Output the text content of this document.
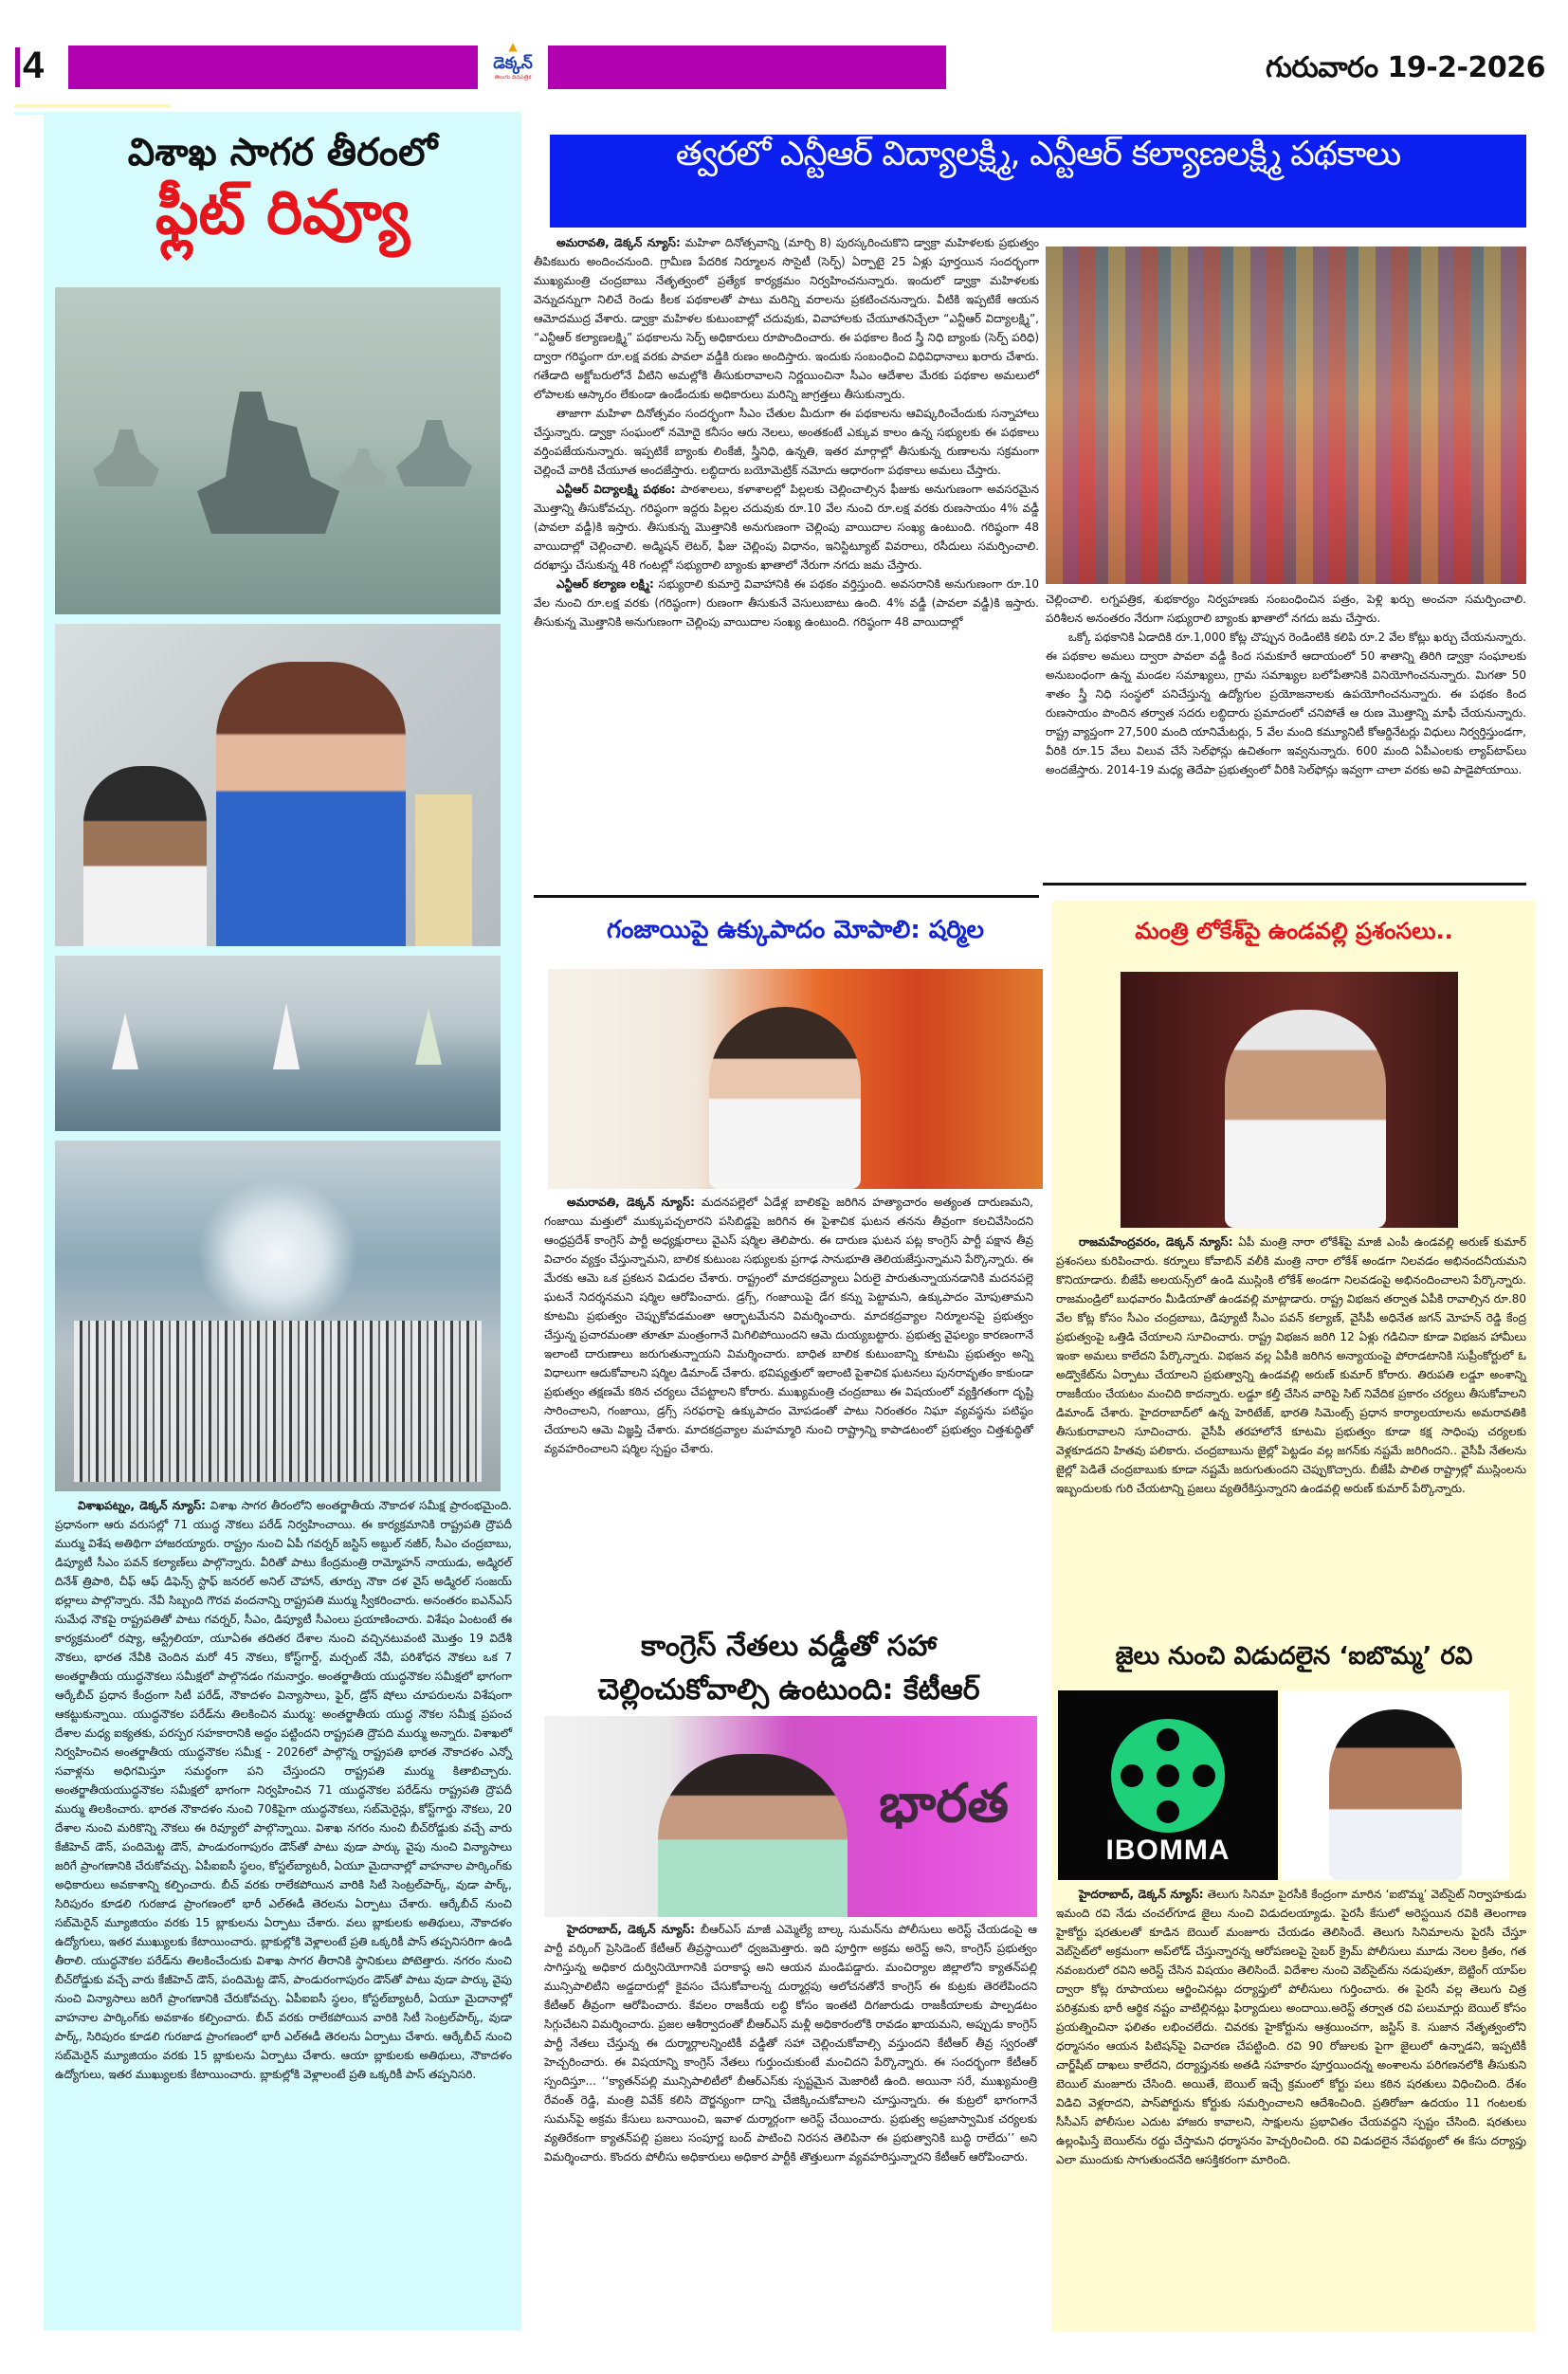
4	▲
డెక్కన్
తెలుగు దినపత్రిక	గురువారం 19-2-2026
విశాఖ సాగర తీరంలో
ఫ్లీట్ రివ్యూ
విశాఖపట్నం, డెక్కన్ న్యూస్: విశాఖ సాగర తీరంలోని అంతర్జాతీయ నౌకాదళ సమీక్ష ప్రారంభమైంది. ప్రధానంగా ఆరు వరుసల్లో 71 యుద్ధ నౌకలు పరేడ్ నిర్వహించాయి. ఈ కార్యక్రమానికి రాష్ట్రపతి ద్రౌపదీ ముర్ము విశేష అతిథిగా హాజరయ్యారు. రాష్ట్రం నుంచి ఏపీ గవర్నర్ జస్టిస్ అబ్దుల్ నజీర్, సీఎం చంద్రబాబు, డిప్యూటీ సీఎం పవన్ కల్యాణ్‌లు పాల్గొన్నారు. వీరితో పాటు కేంద్రమంత్రి రామ్మోహన్ నాయుడు, అడ్మిరల్ దినేశ్ త్రిపాఠి, చీఫ్ ఆఫ్ డిఫెన్స్ స్టాఫ్ జనరల్ అనిల్ చౌహాన్, తూర్పు నౌకా దళ వైస్ అడ్మిరల్ సంజయ్ భల్లాలు పాల్గొన్నారు. నేవీ సిబ్బంది గౌరవ వందనాన్ని రాష్ట్రపతి ముర్ము స్వీకరించారు. అనంతరం ఐఎన్ఎస్ సుమేధ నౌకపై రాష్ట్రపతితో పాటు గవర్నర్, సీఎం, డిప్యూటీ సీఎంలు ప్రయాణించారు. విశేషం ఏంటంటే ఈ కార్యక్రమంలో రష్యా, ఆస్ట్రేలియా, యూఏఈ తదితర దేశాల నుంచి వచ్చినటువంటి మొత్తం 19 విదేశీ నౌకలు, భారత నేవీకి చెందిన మరో 45 నౌకలు, కోస్ట్‌గార్డ్, మర్చంట్ నేవీ, పరిశోధన నౌకలు ఒక 7 అంతర్జాతీయ యుద్ధనౌకలు సమీక్షలో పాల్గొనడం గమనార్హం. అంతర్జాతీయ యుద్ధనౌకల సమీక్షలో భాగంగా ఆర్కేబీచ్ ప్రధాన కేంద్రంగా సిటీ పరేడ్, నౌకాదళం విన్యాసాలు, ఫైర్, డ్రోన్ షోలు చూపరులను విశేషంగా ఆకట్టుకున్నాయి. యుద్ధనౌకల పరేడ్‌ను తిలకించిన ముర్ము: అంతర్జాతీయ యుద్ధ నౌకల సమీక్ష ప్రపంచ దేశాల మధ్య ఐక్యతకు, పరస్పర సహకారానికి అద్దం పట్టిందని రాష్ట్రపతి ద్రౌపది ముర్ము అన్నారు. విశాఖలో నిర్వహించిన అంతర్జాతీయ యుద్ధనౌకల సమీక్ష - 2026లో పాల్గొన్న రాష్ట్రపతి భారత నౌకాదళం ఎన్నో సవాళ్లను అధిగమిస్తూ సమర్థంగా పని చేస్తుందని రాష్ట్రపతి ముర్ము కితాబిచ్చారు. అంతర్జాతీయయుద్ధనౌకల సమీక్షలో భాగంగా నిర్వహించిన 71 యుద్ధనౌకల పరేడ్‌ను రాష్ట్రపతి ద్రౌపదీ ముర్ము తిలకించారు. భారత నౌకాదళం నుంచి 70కిపైగా యుద్ధనౌకలు, సబ్‌మెరైన్లు, కోస్ట్‌గార్డు నౌకలు, 20 దేశాల నుంచి మరికొన్ని నౌకలు ఈ రివ్యూలో పాల్గొన్నాయి. విశాఖ నగరం నుంచి బీచ్‌రోడ్డుకు వచ్చే వారు కేజీహెచ్ డౌన్, పందిమెట్ట డౌన్, పాండురంగాపురం డౌన్‌తో పాటు వుడా పార్కు వైపు నుంచి విన్యాసాలు జరిగే ప్రాంగణానికి చేరుకోవచ్చు. ఏపీఐఐసీ స్థలం, కోస్టల్‌బ్యాటరీ, ఏయూ మైదానాల్లో వాహనాల పార్కింగ్‌కు అధికారులు అవకాశాన్ని కల్పించారు. బీచ్ వరకు రాలేకపోయిన వారికి సిటీ సెంట్రల్‌పార్క్, వుడా పార్క్, సిరిపురం కూడలి గురజాడ ప్రాంగణంలో భారీ ఎల్ఈడీ తెరలను ఏర్పాటు చేశారు. ఆర్కేబీచ్ నుంచి సబ్‌మెరైన్ మ్యూజియం వరకు 15 బ్లాకులను ఏర్పాటు చేశారు. వలు బ్లాకులకు అతిథులు, నౌకాదళం ఉద్యోగులు, ఇతర ముఖ్యులకు కేటాయించారు. బ్లాకుల్లోకి వెళ్లాలంటే ప్రతి ఒక్కరికీ పాస్ తప్పనిసరిగా ఉండి తీరాలి. యుద్ధనౌకల పరేడ్‌ను తిలకించేందుకు విశాఖ సాగర తీరానికి స్థానికులు పోటెత్తారు. నగరం నుంచి బీచ్‌రోడ్డుకు వచ్చే వారు కేజీహెచ్ డౌన్, పందిమెట్ట డౌన్, పాండురంగాపురం డౌన్‌తో పాటు వుడా పార్కు వైపు నుంచి విన్యాసాలు జరిగే ప్రాంగణానికి చేరుకోవచ్చు. ఏపీఐఐసీ స్థలం, కోస్టల్‌బ్యాటరీ, ఏయూ మైదానాల్లో వాహనాల పార్కింగ్‌కు అవకాశం కల్పించారు. బీచ్ వరకు రాలేకపోయిన వారికి సిటీ సెంట్రల్‌పార్క్, వుడా పార్క్, సిరిపురం కూడలి గురజాడ ప్రాంగణంలో భారీ ఎల్ఈడీ తెరలను ఏర్పాటు చేశారు. ఆర్కేబీచ్ నుంచి సబ్‌మెరైన్ మ్యూజియం వరకు 15 బ్లాకులను ఏర్పాటు చేశారు. ఆయా బ్లాకులకు అతిథులు, నౌకాదళం ఉద్యోగులు, ఇతర ముఖ్యులకు కేటాయించారు. బ్లాకుల్లోకి వెళ్లాలంటే ప్రతి ఒక్కరికీ పాస్ తప్పనిసరి.
త్వరలో ఎన్టీఆర్ విద్యాలక్ష్మి, ఎన్టీఆర్ కల్యాణలక్ష్మి పథకాలు

అమరావతి, డెక్కన్ న్యూస్: మహిళా దినోత్సవాన్ని (మార్చి 8) పురస్కరించుకొని డ్వాక్రా మహిళలకు ప్రభుత్వం తీపికబురు అందించనుంది. గ్రామీణ పేదరిక నిర్మూలన సొసైటీ (సెర్ప్) ఏర్పాటై 25 ఏళ్లు పూర్తయిన సందర్భంగా ముఖ్యమంత్రి చంద్రబాబు నేతృత్వంలో ప్రత్యేక కార్యక్రమం నిర్వహించనున్నారు. ఇందులో డ్వాక్రా మహిళలకు వెన్నుదన్నుగా నిలిచే రెండు కీలక పథకాలతో పాటు మరిన్ని వరాలను ప్రకటించనున్నారు. వీటికి ఇప్పటికే ఆయన ఆమోదముద్ర వేశారు. డ్వాక్రా మహిళల కుటుంబాల్లో చదువుకు, వివాహాలకు చేయూతనిచ్చేలా “ఎన్టీఆర్ విద్యాలక్ష్మి”, “ఎన్టీఆర్ కల్యాణలక్ష్మి” పథకాలను సెర్ప్ అధికారులు రూపొందించారు. ఈ పథకాల కింద స్త్రీ నిధి బ్యాంకు (సెర్ప్ పరిధి) ద్వారా గరిష్ఠంగా రూ.లక్ష వరకు పావలా వడ్డీకి రుణం అందిస్తారు. ఇందుకు సంబంధించి విధివిధానాలు ఖరారు చేశారు. గతేడాది అక్టోబరులోనే వీటిని అమల్లోకి తీసుకురావాలని నిర్ణయించినా సీఎం ఆదేశాల మేరకు పథకాల అమలులో లోపాలకు ఆస్కారం లేకుండా ఉండేందుకు అధికారులు మరిన్ని జాగ్రత్తలు తీసుకున్నారు.

తాజాగా మహిళా దినోత్సవం సందర్భంగా సీఎం చేతుల మీదుగా ఈ పథకాలను ఆవిష్కరించేందుకు సన్నాహాలు చేస్తున్నారు. డ్వాక్రా సంఘంలో నమోదై కనీసం ఆరు నెలలు, అంతకంటే ఎక్కువ కాలం ఉన్న సభ్యులకు ఈ పథకాలు వర్తింపజేయనున్నారు. ఇప్పటికే బ్యాంకు లింకేజీ, స్త్రీనిధి, ఉన్నతి, ఇతర మార్గాల్లో తీసుకున్న రుణాలను సక్రమంగా చెల్లించే వారికి చేయూత అందజేస్తారు. లబ్ధిదారు బయోమెట్రిక్ నమోదు ఆధారంగా పథకాలు అమలు చేస్తారు.

ఎన్టీఆర్ విద్యాలక్ష్మి పథకం: పాఠశాలలు, కళాశాలల్లో పిల్లలకు చెల్లించాల్సిన ఫీజుకు అనుగుణంగా అవసరమైన మొత్తాన్ని తీసుకోవచ్చు. గరిష్ఠంగా ఇద్దరు పిల్లల చదువుకు రూ.10 వేల నుంచి రూ.లక్ష వరకు రుణసాయం 4% వడ్డీ (పావలా వడ్డీ)కి ఇస్తారు. తీసుకున్న మొత్తానికి అనుగుణంగా చెల్లింపు వాయిదాల సంఖ్య ఉంటుంది. గరిష్ఠంగా 48 వాయిదాల్లో చెల్లించాలి. అడ్మిషన్ లెటర్, ఫీజు చెల్లింపు విధానం, ఇనిస్టిట్యూట్ వివరాలు, రసీదులు సమర్పించాలి. దరఖాస్తు చేసుకున్న 48 గంటల్లో సభ్యురాలి బ్యాంకు ఖాతాలో నేరుగా నగదు జమ చేస్తారు.

ఎన్టీఆర్ కల్యాణ లక్ష్మి: సభ్యురాలి కుమార్తె వివాహానికి ఈ పథకం వర్తిస్తుంది. అవసరానికి అనుగుణంగా రూ.10 వేల నుంచి రూ.లక్ష వరకు (గరిష్ఠంగా) రుణంగా తీసుకునే వెసులుబాటు ఉంది. 4% వడ్డీ (పావలా వడ్డీ)కి ఇస్తారు. తీసుకున్న మొత్తానికి అనుగుణంగా చెల్లింపు వాయిదాల సంఖ్య ఉంటుంది. గరిష్ఠంగా 48 వాయిదాల్లో

చెల్లించాలి. లగ్నపత్రిక, శుభకార్యం నిర్వహణకు సంబంధించిన పత్రం, పెళ్లి ఖర్చు అంచనా సమర్పించాలి. పరిశీలన అనంతరం నేరుగా సభ్యురాలి బ్యాంకు ఖాతాలో నగదు జమ చేస్తారు.

ఒక్కో పథకానికి ఏడాదికి రూ.1,000 కోట్ల చొప్పున రెండింటికి కలిపి రూ.2 వేల కోట్లు ఖర్చు చేయనున్నారు. ఈ పథకాల అమలు ద్వారా పావలా వడ్డీ కింద సమకూరే ఆదాయంలో 50 శాతాన్ని తిరిగి డ్వాక్రా సంఘాలకు అనుబంధంగా ఉన్న మండల సమాఖ్యలు, గ్రామ సమాఖ్యల బలోపేతానికి వినియోగించనున్నారు. మిగతా 50 శాతం స్త్రీ నిధి సంస్థలో పనిచేస్తున్న ఉద్యోగుల ప్రయోజనాలకు ఉపయోగించనున్నారు. ఈ పథకం కింద రుణసాయం పొందిన తర్వాత సదరు లబ్ధిదారు ప్రమాదంలో చనిపోతే ఆ రుణ మొత్తాన్ని మాఫీ చేయనున్నారు. రాష్ట్ర వ్యాప్తంగా 27,500 మంది యానిమేటర్లు, 5 వేల మంది కమ్యూనిటీ కోఆర్డినేటర్లు విధులు నిర్వర్తిస్తుండగా, వీరికి రూ.15 వేలు విలువ చేసే సెల్‌ఫోన్లు ఉచితంగా ఇవ్వనున్నారు. 600 మంది ఏపీఎంలకు ల్యాప్‌టాప్‌లు అందజేస్తారు. 2014-19 మధ్య తెదేపా ప్రభుత్వంలో వీరికి సెల్‌ఫోన్లు ఇవ్వగా చాలా వరకు అవి పాడైపోయాయి.

గంజాయిపై ఉక్కుపాదం మోపాలి: షర్మిల
అమరావతి, డెక్కన్ న్యూస్: మదనపల్లెలో ఏడేళ్ల బాలికపై జరిగిన హత్యాచారం అత్యంత దారుణమని, గంజాయి మత్తులో ముక్కుపచ్చలారని పసిబిడ్డపై జరిగిన ఈ పైశాచిక ఘటన తనను తీవ్రంగా కలచివేసిందని ఆంధ్రప్రదేశ్ కాంగ్రెస్ పార్టీ అధ్యక్షురాలు వైఎస్ షర్మిల తెలిపారు. ఈ దారుణ ఘటన పట్ల కాంగ్రెస్ పార్టీ పక్షాన తీవ్ర విచారం వ్యక్తం చేస్తున్నామని, బాలిక కుటుంబ సభ్యులకు ప్రగాఢ సానుభూతి తెలియజేస్తున్నామని పేర్కొన్నారు. ఈ మేరకు ఆమె ఒక ప్రకటన విడుదల చేశారు. రాష్ట్రంలో మాదకద్రవ్యాలు ఏరులై పారుతున్నాయనడానికి మదనపల్లె ఘటనే నిదర్శనమని షర్మిల ఆరోపించారు. డ్రగ్స్, గంజాయిపై డేగ కన్ను పెట్టామని, ఉక్కుపాదం మోపుతామని కూటమి ప్రభుత్వం చెప్పుకోవడమంతా ఆర్భాటమేనని విమర్శించారు. మాదకద్రవ్యాల నిర్మూలనపై ప్రభుత్వం చేస్తున్న ప్రచారమంతా తూతూ మంత్రంగానే మిగిలిపోయిందని ఆమె దుయ్యబట్టారు. ప్రభుత్వ వైఫల్యం కారణంగానే ఇలాంటి దారుణాలు జరుగుతున్నాయని విమర్శించారు. బాధిత బాలిక కుటుంబాన్ని కూటమి ప్రభుత్వం అన్ని విధాలుగా ఆదుకోవాలని షర్మిల డిమాండ్ చేశారు. భవిష్యత్తులో ఇలాంటి పైశాచిక ఘటనలు పునరావృతం కాకుండా ప్రభుత్వం తక్షణమే కఠిన చర్యలు చేపట్టాలని కోరారు. ముఖ్యమంత్రి చంద్రబాబు ఈ విషయంలో వ్యక్తిగతంగా దృష్టి సారించాలని, గంజాయి, డ్రగ్స్ సరఫరాపై ఉక్కుపాదం మోపడంతో పాటు నిరంతరం నిఘా వ్యవస్థను పటిష్ఠం చేయాలని ఆమె విజ్ఞప్తి చేశారు. మాదకద్రవ్యాల మహమ్మారి నుంచి రాష్ట్రాన్ని కాపాడటంలో ప్రభుత్వం చిత్తశుద్ధితో వ్యవహరించాలని షర్మిల స్పష్టం చేశారు.
కాంగ్రెస్ నేతలు వడ్డీతో సహా
చెల్లించుకోవాల్సి ఉంటుంది: కేటీఆర్
భారత
హైదరాబాద్, డెక్కన్ న్యూస్: బీఆర్ఎస్ మాజీ ఎమ్మెల్యే బాల్క సుమన్‌ను పోలీసులు అరెస్ట్ చేయడంపై ఆ పార్టీ వర్కింగ్ ప్రెసిడెంట్ కేటీఆర్ తీవ్రస్థాయిలో ధ్వజమెత్తారు. ఇది పూర్తిగా అక్రమ అరెస్ట్ అని, కాంగ్రెస్ ప్రభుత్వం సాగిస్తున్న అధికార దుర్వినియోగానికి పరాకాష్ఠ అని ఆయన మండిపడ్డారు. మంచిర్యాల జిల్లాలోని క్యాతన్‌పల్లి మున్సిపాలిటీని అడ్డదారుల్లో కైవసం చేసుకోవాలన్న దుర్మార్గపు ఆలోచనతోనే కాంగ్రెస్ ఈ కుట్రకు తెరలేపిందని కేటీఆర్ తీవ్రంగా ఆరోపించారు. కేవలం రాజకీయ లబ్ధి కోసం ఇంతటి దిగజారుడు రాజకీయాలకు పాల్పడటం సిగ్గుచేటని విమర్శించారు. ప్రజల ఆశీర్వాదంతో బీఆర్ఎస్ మళ్లీ అధికారంలోకి రావడం ఖాయమని, అప్పుడు కాంగ్రెస్ పార్టీ నేతలు చేస్తున్న ఈ దుర్మార్గాలన్నింటికీ వడ్డీతో సహా చెల్లించుకోవాల్సి వస్తుందని కేటీఆర్ తీవ్ర స్వరంతో హెచ్చరించారు. ఈ విషయాన్ని కాంగ్రెస్ నేతలు గుర్తుంచుకుంటే మంచిదని పేర్కొన్నారు. ఈ సందర్భంగా కేటీఆర్ స్పందిస్తూ... ‘‘క్యాతన్‌పల్లి మున్సిపాలిటీలో బీఆర్ఎస్‌కు స్పష్టమైన మెజారిటీ ఉంది. అయినా సరే, ముఖ్యమంత్రి రేవంత్ రెడ్డి, మంత్రి వివేక్ కలిసి దౌర్జన్యంగా దాన్ని చేజిక్కించుకోవాలని చూస్తున్నారు. ఈ కుట్రలో భాగంగానే సుమన్‌పై అక్రమ కేసులు బనాయించి, ఇవాళ దుర్మార్గంగా అరెస్ట్ చేయించారు. ప్రభుత్వ అప్రజాస్వామిక చర్యలకు వ్యతిరేకంగా క్యాతన్‌పల్లి ప్రజలు సంపూర్ణ బంద్ పాటించి నిరసన తెలిపినా ఈ ప్రభుత్వానికి బుద్ధి రాలేదు’’ అని విమర్శించారు. కొందరు పోలీసు అధికారులు అధికార పార్టీకి తొత్తులుగా వ్యవహరిస్తున్నారని కేటీఆర్ ఆరోపించారు.
మంత్రి లోకేశ్‌పై ఉండవల్లి ప్రశంసలు..
రాజమహేంద్రవరం, డెక్కన్ న్యూస్: ఏపీ మంత్రి నారా లోకేశ్‌పై మాజీ ఎంపీ ఉండవల్లి అరుణ్ కుమార్ ప్రశంసలు కురిపించారు. కర్నూలు కోవాబిన్ వలీకి మంత్రి నారా లోకేశ్ అండగా నిలవడం అభినందనీయమని కొనియాడారు. బీజేపీ అలయన్స్‌లో ఉండి ముస్లింకి లోకేశ్ అండగా నిలవడంపై అభినందించాలని పేర్కొన్నారు. రాజమండ్రిలో బుధవారం మీడియాతో ఉండవల్లి మాట్లాడారు. రాష్ట్ర విభజన తర్వాత ఏపీకి రావాల్సిన రూ.80 వేల కోట్ల కోసం సీఎం చంద్రబాబు, డిప్యూటీ సీఎం పవన్ కల్యాణ్, వైసీపీ అధినేత జగన్ మోహన్ రెడ్డి కేంద్ర ప్రభుత్వంపై ఒత్తిడి చేయాలని సూచించారు. రాష్ట్ర విభజన జరిగి 12 ఏళ్లు గడిచినా కూడా విభజన హామీలు ఇంకా అమలు కాలేదని పేర్కొన్నారు. విభజన వల్ల ఏపీకి జరిగిన అన్యాయంపై పోరాడటానికి సుప్రీంకోర్టులో ఓ అడ్వొకేట్‌ను ఏర్పాటు చేయాలని ప్రభుత్వాన్ని ఉండవల్లి అరుణ్ కుమార్ కోరారు. తిరుపతి లడ్డూ అంశాన్ని రాజకీయం చేయటం మంచిది కాదన్నారు. లడ్డూ కల్తీ చేసిన వారిపై సిట్ నివేదిక ప్రకారం చర్యలు తీసుకోవాలని డిమాండ్ చేశారు. హైదరాబాద్‌లో ఉన్న హెరిటేజ్, భారతి సిమెంట్స్ ప్రధాన కార్యాలయాలను అమరావతికి తీసుకురావాలని సూచించారు. వైసీపీ తరహాలోనే కూటమి ప్రభుత్వం కూడా కక్ష సాధింపు చర్యలకు వెళ్లకూడదని హితవు పలికారు. చంద్రబాబును జైల్లో పెట్టడం వల్ల జగన్‌కు నష్టమే జరిగిందని.. వైసీపీ నేతలను జైల్లో పెడితే చంద్రబాబుకు కూడా నష్టమే జరుగుతుందని చెప్పుకొచ్చారు. బీజేపీ పాలిత రాష్ట్రాల్లో ముస్లింలను ఇబ్బందులకు గురి చేయటాన్ని ప్రజలు వ్యతిరేకిస్తున్నారని ఉండవల్లి అరుణ్ కుమార్ పేర్కొన్నారు.
జైలు నుంచి విడుదలైన ‘ఐబొమ్మ’ రవి
IBOMMA
హైదరాబాద్, డెక్కన్ న్యూస్: తెలుగు సినిమా పైరసీకి కేంద్రంగా మారిన ‘ఐబొమ్మ’ వెబ్‌సైట్ నిర్వాహకుడు ఇమంది రవి నేడు చంచల్‌గూడ జైలు నుంచి విడుదలయ్యాడు. పైరసీ కేసులో అరెస్టయిన రవికి తెలంగాణ హైకోర్టు షరతులతో కూడిన బెయిల్ మంజూరు చేయడం తెలిసిందే. తెలుగు సినిమాలను పైరసీ చేస్తూ వెబ్‌సైట్‌లో అక్రమంగా అప్‌లోడ్ చేస్తున్నారన్న ఆరోపణలపై సైబర్ క్రైమ్ పోలీసులు మూడు నెలల క్రితం, గత నవంబరులో రవిని అరెస్ట్ చేసిన విషయం తెలిసిందే. విదేశాల నుంచి వెబ్‌సైట్‌ను నడుపుతూ, బెట్టింగ్ యాప్‌ల ద్వారా కోట్ల రూపాయలు ఆర్జించినట్లు దర్యాప్తులో పోలీసులు గుర్తించారు. ఈ పైరసీ వల్ల తెలుగు చిత్ర పరిశ్రమకు భారీ ఆర్థిక నష్టం వాటిల్లినట్లు ఫిర్యాదులు అందాయి.అరెస్ట్ తర్వాత రవి పలుమార్లు బెయిల్ కోసం ప్రయత్నించినా ఫలితం లభించలేదు. చివరకు హైకోర్టును ఆశ్రయించగా, జస్టిస్ కె. సుజాన నేతృత్వంలోని ధర్మాసనం ఆయన పిటిషన్‌పై విచారణ చేపట్టింది. రవి 90 రోజులకు పైగా జైలులో ఉన్నాడని, ఇప్పటికీ చార్జ్‌షీట్ దాఖలు కాలేదని, దర్యాప్తునకు అతడి సహకారం పూర్తయిందన్న అంశాలను పరిగణనలోకి తీసుకుని బెయిల్ మంజూరు చేసింది. అయితే, బెయిల్ ఇచ్చే క్రమంలో కోర్టు పలు కఠిన షరతులు విధించింది. దేశం విడిచి వెళ్లరాదని, పాస్‌పోర్టును కోర్టుకు సమర్పించాలని ఆదేశించింది. ప్రతిరోజూ ఉదయం 11 గంటలకు సీసీఎస్ పోలీసుల ఎదుట హాజరు కావాలని, సాక్షులను ప్రభావితం చేయవద్దని స్పష్టం చేసింది. షరతులు ఉల్లంఘిస్తే బెయిల్‌ను రద్దు చేస్తామని ధర్మాసనం హెచ్చరించింది. రవి విడుదలైన నేపథ్యంలో ఈ కేసు దర్యాప్తు ఎలా ముందుకు సాగుతుందనేది ఆసక్తికరంగా మారింది.
